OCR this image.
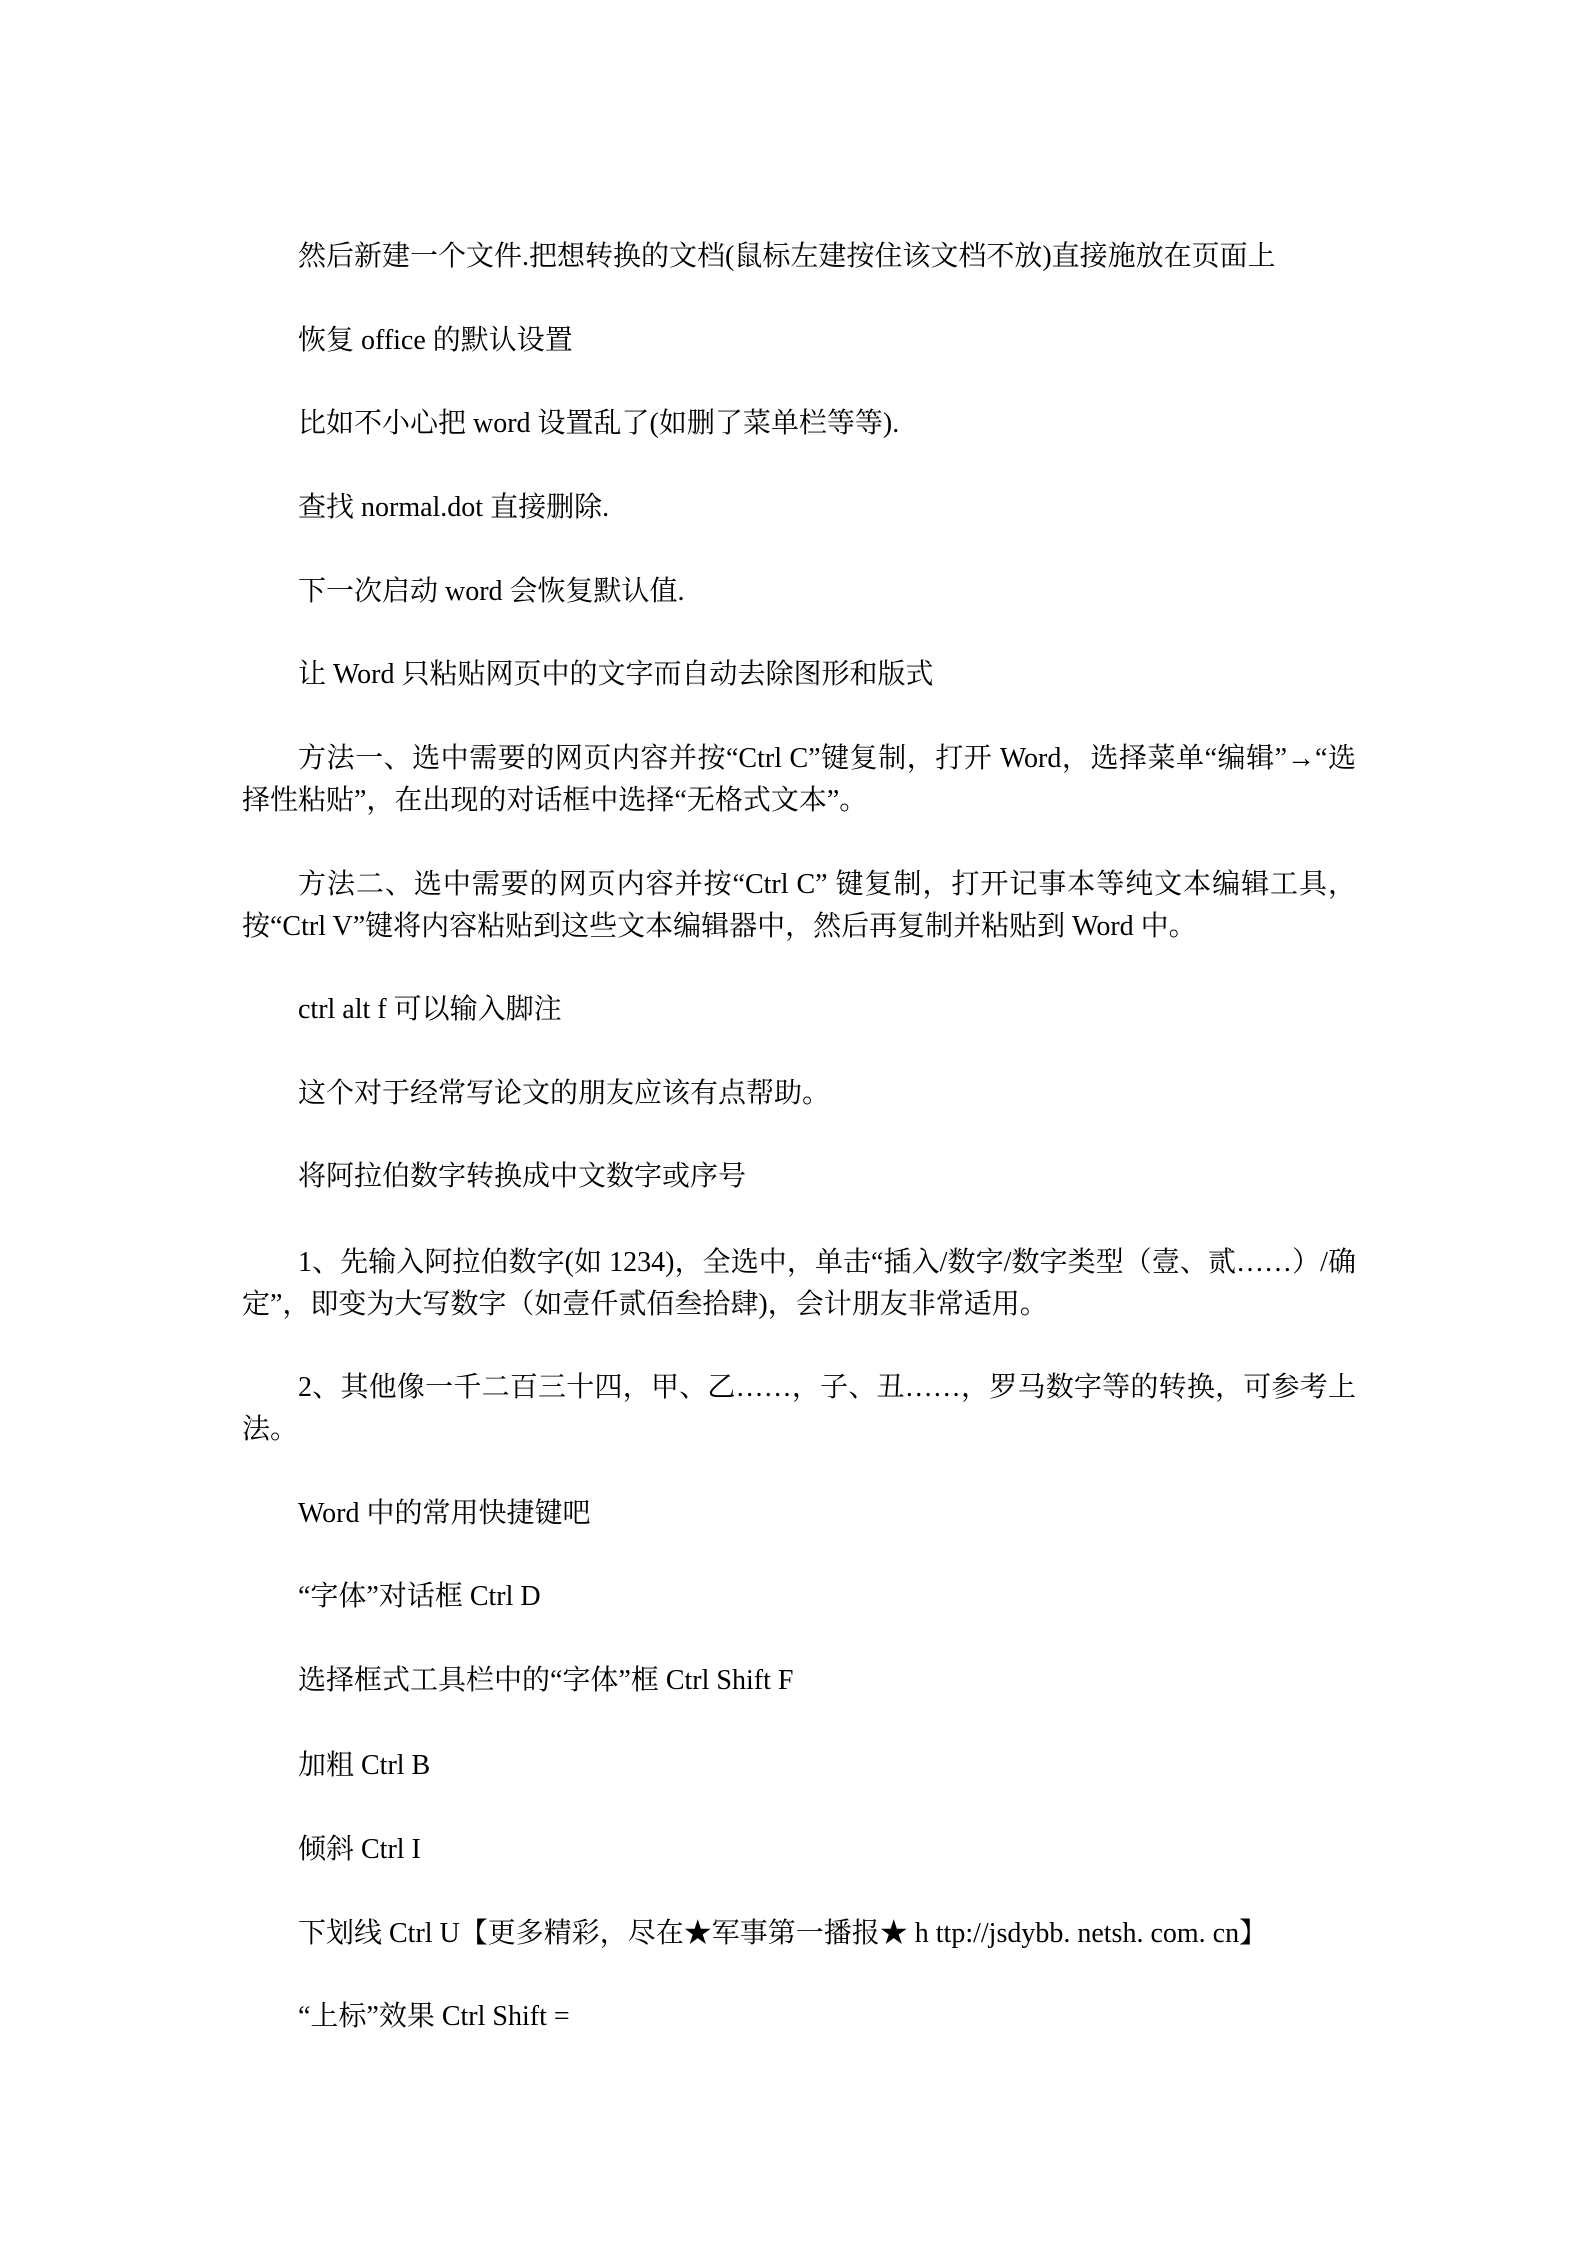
然后新建一个文件.把想转换的文档(鼠标左建按住该文档不放)直接施放在页面上

恢复 office 的默认设置

比如不小心把 word 设置乱了(如删了菜单栏等等).

查找 normal.dot 直接删除.

下一次启动 word 会恢复默认值.

让 Word 只粘贴网页中的文字而自动去除图形和版式

方法一、选中需要的网页内容并按“Ctrl C”键复制，打开 Word，选择菜单“编辑”→“选择性粘贴”，在出现的对话框中选择“无格式文本”。

方法二、选中需要的网页内容并按“Ctrl C” 键复制，打开记事本等纯文本编辑工具，按“Ctrl V”键将内容粘贴到这些文本编辑器中，然后再复制并粘贴到 Word 中。

ctrl alt f 可以输入脚注

这个对于经常写论文的朋友应该有点帮助。

将阿拉伯数字转换成中文数字或序号

1、先输入阿拉伯数字(如 1234)，全选中，单击“插入/数字/数字类型（壹、贰……）/确定”，即变为大写数字（如壹仟贰佰叁拾肆)，会计朋友非常适用。

2、其他像一千二百三十四，甲、乙……，子、丑……，罗马数字等的转换，可参考上法。

Word 中的常用快捷键吧

“字体”对话框 Ctrl D

选择框式工具栏中的“字体”框 Ctrl Shift F

加粗 Ctrl B

倾斜 Ctrl I

下划线 Ctrl U【更多精彩，尽在★军事第一播报★ h ttp://jsdybb. netsh. com. cn】

“上标”效果 Ctrl Shift =
